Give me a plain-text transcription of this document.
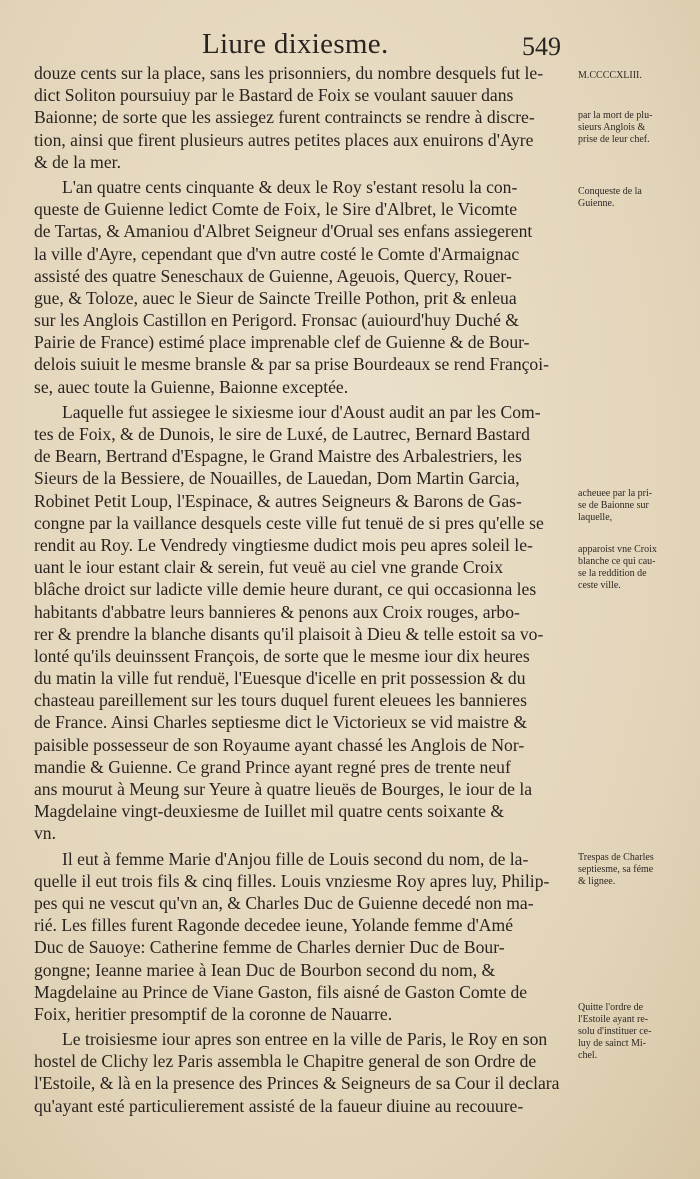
Liure dixiesme.	549
douze cents sur la place, sans les prisonniers, du nombre desquels fut le-
dict Soliton poursuiuy par le Bastard de Foix se voulant sauuer dans
Baionne; de sorte que les assiegez furent contraincts se rendre à discre-
tion, ainsi que firent plusieurs autres petites places aux enuirons d'Ayre
& de la mer.
L'an quatre cents cinquante & deux le Roy s'estant resolu la con-
queste de Guienne ledict Comte de Foix, le Sire d'Albret, le Vicomte
de Tartas, & Amaniou d'Albret Seigneur d'Orual ses enfans assiegerent
la ville d'Ayre, cependant que d'vn autre costé le Comte d'Armaignac
assisté des quatre Seneschaux de Guienne, Ageuois, Quercy, Rouer-
gue, & Toloze, auec le Sieur de Saincte Treille Pothon, prit & enleua
sur les Anglois Castillon en Perigord. Fronsac (auiourd'huy Duché &
Pairie de France) estimé place imprenable clef de Guienne & de Bour-
delois suiuit le mesme bransle & par sa prise Bourdeaux se rend Françoi-
se, auec toute la Guienne, Baionne exceptée.
Laquelle fut assiegee le sixiesme iour d'Aoust audit an par les Com-
tes de Foix, & de Dunois, le sire de Luxé, de Lautrec, Bernard Bastard
de Bearn, Bertrand d'Espagne, le Grand Maistre des Arbalestriers, les
Sieurs de la Bessiere, de Nouailles, de Lauedan, Dom Martin Garcia,
Robinet Petit Loup, l'Espinace, & autres Seigneurs & Barons de Gas-
congne par la vaillance desquels ceste ville fut tenuë de si pres qu'elle se
rendit au Roy. Le Vendredy vingtiesme dudict mois peu apres soleil le-
uant le iour estant clair & serein, fut veuë au ciel vne grande Croix
blâche droict sur ladicte ville demie heure durant, ce qui occasionna les
habitants d'abbatre leurs bannieres & penons aux Croix rouges, arbo-
rer & prendre la blanche disants qu'il plaisoit à Dieu & telle estoit sa vo-
lonté qu'ils deuinssent François, de sorte que le mesme iour dix heures
du matin la ville fut renduë, l'Euesque d'icelle en prit possession & du
chasteau pareillement sur les tours duquel furent eleuees les bannieres
de France. Ainsi Charles septiesme dict le Victorieux se vid maistre &
paisible possesseur de son Royaume ayant chassé les Anglois de Nor-
mandie & Guienne. Ce grand Prince ayant regné pres de trente neuf
ans mourut à Meung sur Yeure à quatre lieuës de Bourges, le iour de la
Magdelaine vingt-deuxiesme de Iuillet mil quatre cents soixante &
vn.
Il eut à femme Marie d'Anjou fille de Louis second du nom, de la-
quelle il eut trois fils & cinq filles. Louis vnziesme Roy apres luy, Philip-
pes qui ne vescut qu'vn an, & Charles Duc de Guienne decedé non ma-
rié. Les filles furent Ragonde decedee ieune, Yolande femme d'Amé
Duc de Sauoye: Catherine femme de Charles dernier Duc de Bour-
gongne; Ieanne mariee à Iean Duc de Bourbon second du nom, &
Magdelaine au Prince de Viane Gaston, fils aisné de Gaston Comte de
Foix, heritier presomptif de la coronne de Nauarre.
Le troisiesme iour apres son entree en la ville de Paris, le Roy en son
hostel de Clichy lez Paris assembla le Chapitre general de son Ordre de
l'Estoile, & là en la presence des Princes & Seigneurs de sa Cour il declara
qu'ayant esté particulierement assisté de la faueur diuine au recouure-
M.CCCCXLIII.
par la mort de plu-
sieurs Anglois &
prise de leur chef.
Conqueste de la
Guienne.
acheuee par la pri-
se de Baionne sur
laquelle,
apparoist vne Croix
blanche ce qui cau-
se la reddition de
ceste ville.
Trespas de Charles
septiesme, sa féme
& lignee.
Quitte l'ordre de
l'Estoile ayant re-
solu d'instituer ce-
luy de sainct Mi-
chel.
